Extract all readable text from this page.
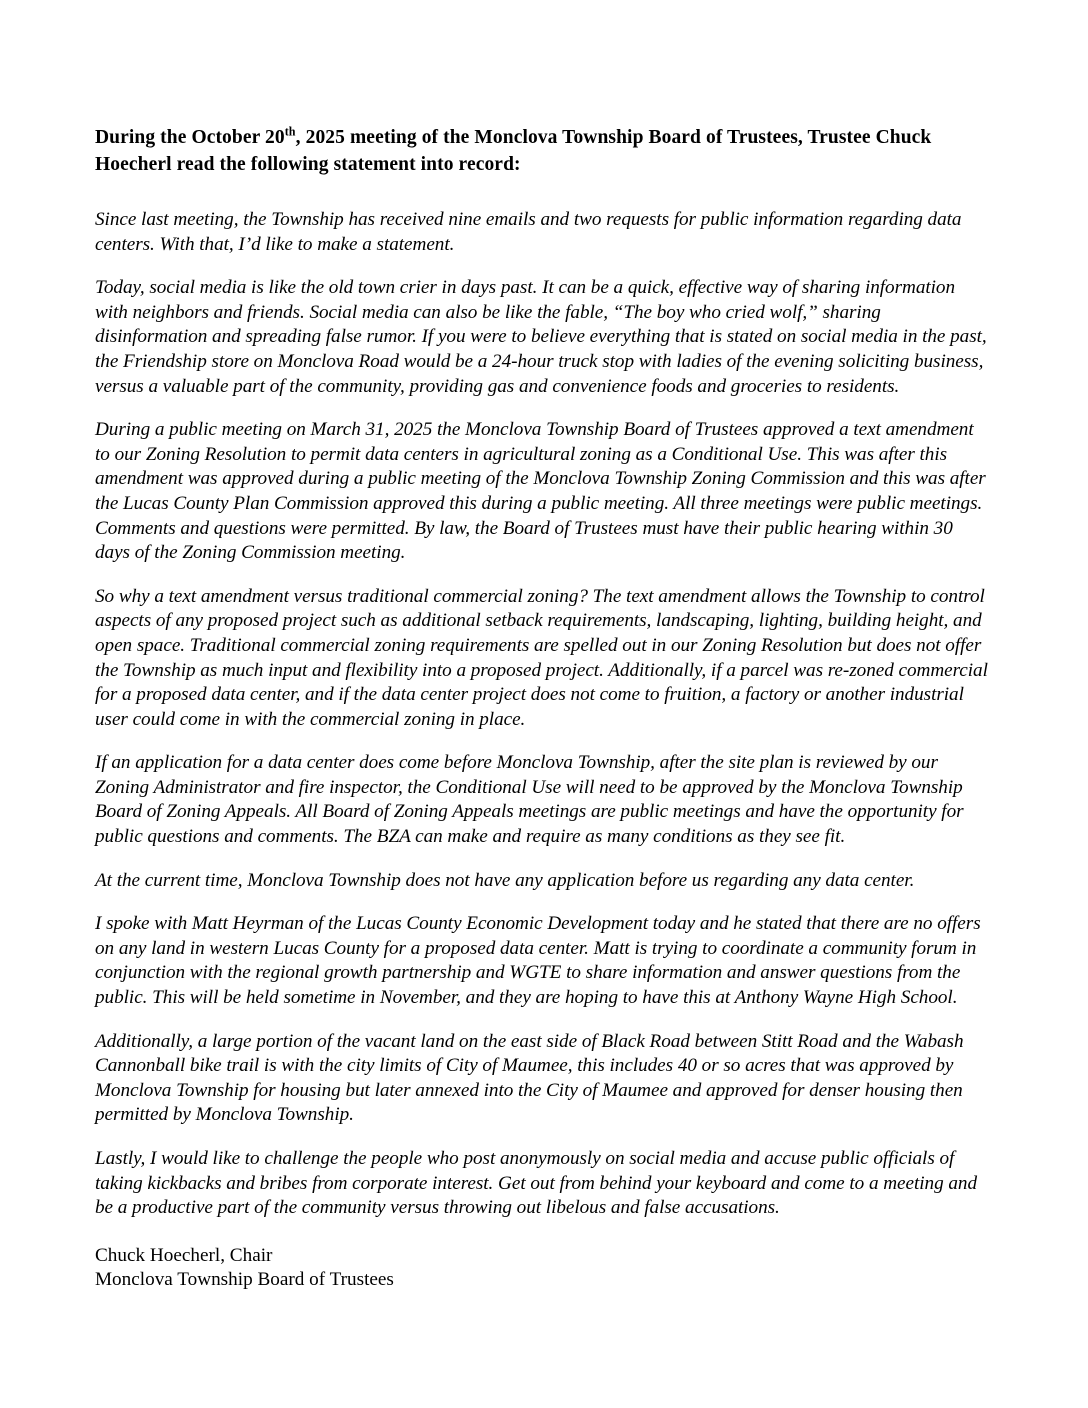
During the October 20th, 2025 meeting of the Monclova Township Board of Trustees, Trustee Chuck Hoecherl read the following statement into record:

Since last meeting, the Township has received nine emails and two requests for public information regarding data centers. With that, I’d like to make a statement.

Today, social media is like the old town crier in days past. It can be a quick, effective way of sharing information with neighbors and friends. Social media can also be like the fable, “The boy who cried wolf,” sharing disinformation and spreading false rumor. If you were to believe everything that is stated on social media in the past, the Friendship store on Monclova Road would be a 24-hour truck stop with ladies of the evening soliciting business, versus a valuable part of the community, providing gas and convenience foods and groceries to residents.

During a public meeting on March 31, 2025 the Monclova Township Board of Trustees approved a text amendment to our Zoning Resolution to permit data centers in agricultural zoning as a Conditional Use. This was after this amendment was approved during a public meeting of the Monclova Township Zoning Commission and this was after the Lucas County Plan Commission approved this during a public meeting. All three meetings were public meetings. Comments and questions were permitted. By law, the Board of Trustees must have their public hearing within 30 days of the Zoning Commission meeting.

So why a text amendment versus traditional commercial zoning? The text amendment allows the Township to control aspects of any proposed project such as additional setback requirements, landscaping, lighting, building height, and open space. Traditional commercial zoning requirements are spelled out in our Zoning Resolution but does not offer the Township as much input and flexibility into a proposed project. Additionally, if a parcel was re-zoned commercial for a proposed data center, and if the data center project does not come to fruition, a factory or another industrial user could come in with the commercial zoning in place.

If an application for a data center does come before Monclova Township, after the site plan is reviewed by our Zoning Administrator and fire inspector, the Conditional Use will need to be approved by the Monclova Township Board of Zoning Appeals. All Board of Zoning Appeals meetings are public meetings and have the opportunity for public questions and comments. The BZA can make and require as many conditions as they see fit.

At the current time, Monclova Township does not have any application before us regarding any data center.

I spoke with Matt Heyrman of the Lucas County Economic Development today and he stated that there are no offers on any land in western Lucas County for a proposed data center. Matt is trying to coordinate a community forum in conjunction with the regional growth partnership and WGTE to share information and answer questions from the public. This will be held sometime in November, and they are hoping to have this at Anthony Wayne High School.

Additionally, a large portion of the vacant land on the east side of Black Road between Stitt Road and the Wabash Cannonball bike trail is with the city limits of City of Maumee, this includes 40 or so acres that was approved by Monclova Township for housing but later annexed into the City of Maumee and approved for denser housing then permitted by Monclova Township.

Lastly, I would like to challenge the people who post anonymously on social media and accuse public officials of taking kickbacks and bribes from corporate interest. Get out from behind your keyboard and come to a meeting and be a productive part of the community versus throwing out libelous and false accusations.

Chuck Hoecherl, Chair
Monclova Township Board of Trustees
